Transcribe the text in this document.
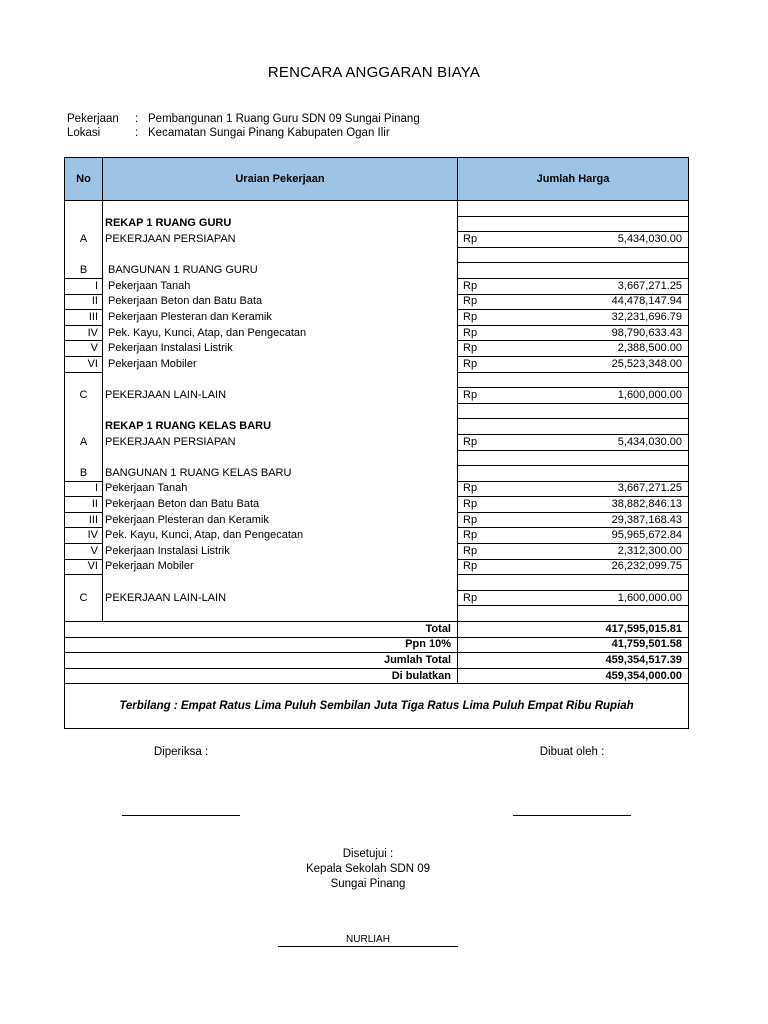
RENCARA ANGGARAN BIAYA
Pekerjaan : Pembangunan 1 Ruang Guru SDN 09 Sungai Pinang
Lokasi	: Kecamatan Sungai Pinang Kabupaten Ogan Ilir
No	Uraian Pekerjaan	Jumlah Harga

	REKAP 1 RUANG GURU	
A	PEKERJAAN PERSIAPAN	Rp 5,434,030.00

B	BANGUNAN 1 RUANG GURU	
I	Pekerjaan Tanah	Rp 3,667,271.25

II	Pekerjaan Beton dan Batu Bata	Rp 44,478,147.94

III	Pekerjaan Plesteran dan Keramik	Rp 32,231,696.79

IV	Pek. Kayu, Kunci, Atap, dan Pengecatan	Rp 98,790,633.43

V	Pekerjaan Instalasi Listrik	Rp 2,388,500.00

VI	Pekerjaan Mobiler	Rp 25,523,348.00

C	PEKERJAAN LAIN-LAIN	Rp 1,600,000.00

	REKAP 1 RUANG KELAS BARU	
A	PEKERJAAN PERSIAPAN	Rp 5,434,030.00

B	BANGUNAN 1 RUANG KELAS BARU	
I	Pekerjaan Tanah	Rp 3,667,271.25

II	Pekerjaan Beton dan Batu Bata	Rp 38,882,846.13

III	Pekerjaan Plesteran dan Keramik	Rp 29,387,168.43

IV	Pek. Kayu, Kunci, Atap, dan Pengecatan	Rp 95,965,672.84

V	Pekerjaan Instalasi Listrik	Rp 2,312,300.00

VI	Pekerjaan Mobiler	Rp 26,232,099.75

C	PEKERJAAN LAIN-LAIN	Rp 1,600,000.00

Total		417,595,015.81
Ppn 10%		41,759,501.58
Jumlah Total		459,354,517.39
Di bulatkan		459,354,000.00
Terbilang : Empat Ratus Lima Puluh Sembilan Juta Tiga Ratus Lima Puluh Empat Ribu Rupiah		
Diperiksa :	Dibuat oleh :
Disetujui :
Kepala Sekolah SDN 09
Sungai Pinang
NURLIAH
